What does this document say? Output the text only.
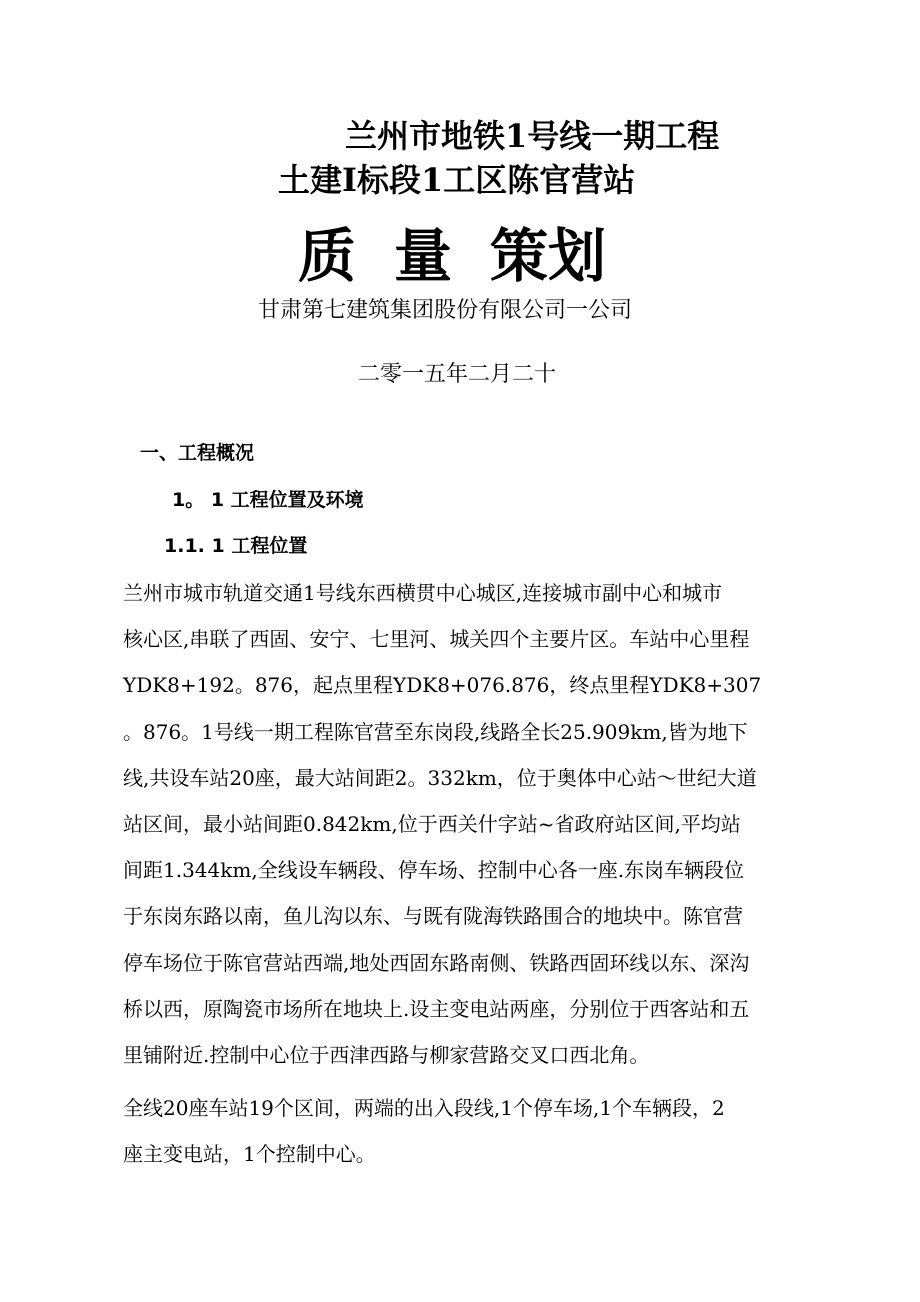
兰州市地铁1号线一期工程
土建Ⅰ标段1工区陈官营站
质 量 策划
甘肃第七建筑集团股份有限公司一公司
二零一五年二月二十
一、工程概况
1。 1 工程位置及环境
1.1. 1 工程位置
兰州市城市轨道交通1号线东西横贯中心城区,连接城市副中心和城市
核心区,串联了西固、安宁、七里河、城关四个主要片区。车站中心里程
YDK8+192。876，起点里程YDK8+076.876，终点里程YDK8+307
。876。1号线一期工程陈官营至东岗段,线路全长25.909km,皆为地下
线,共设车站20座，最大站间距2。332km，位于奥体中心站～世纪大道
站区间，最小站间距0.842km,位于西关什字站~省政府站区间,平均站
间距1.344km,全线设车辆段、停车场、控制中心各一座.东岗车辆段位
于东岗东路以南，鱼儿沟以东、与既有陇海铁路围合的地块中。陈官营
停车场位于陈官营站西端,地处西固东路南侧、铁路西固环线以东、深沟
桥以西，原陶瓷市场所在地块上.设主变电站两座，分别位于西客站和五
里铺附近.控制中心位于西津西路与柳家营路交叉口西北角。
全线20座车站19个区间，两端的出入段线,1个停车场,1个车辆段，2
座主变电站，1个控制中心。
